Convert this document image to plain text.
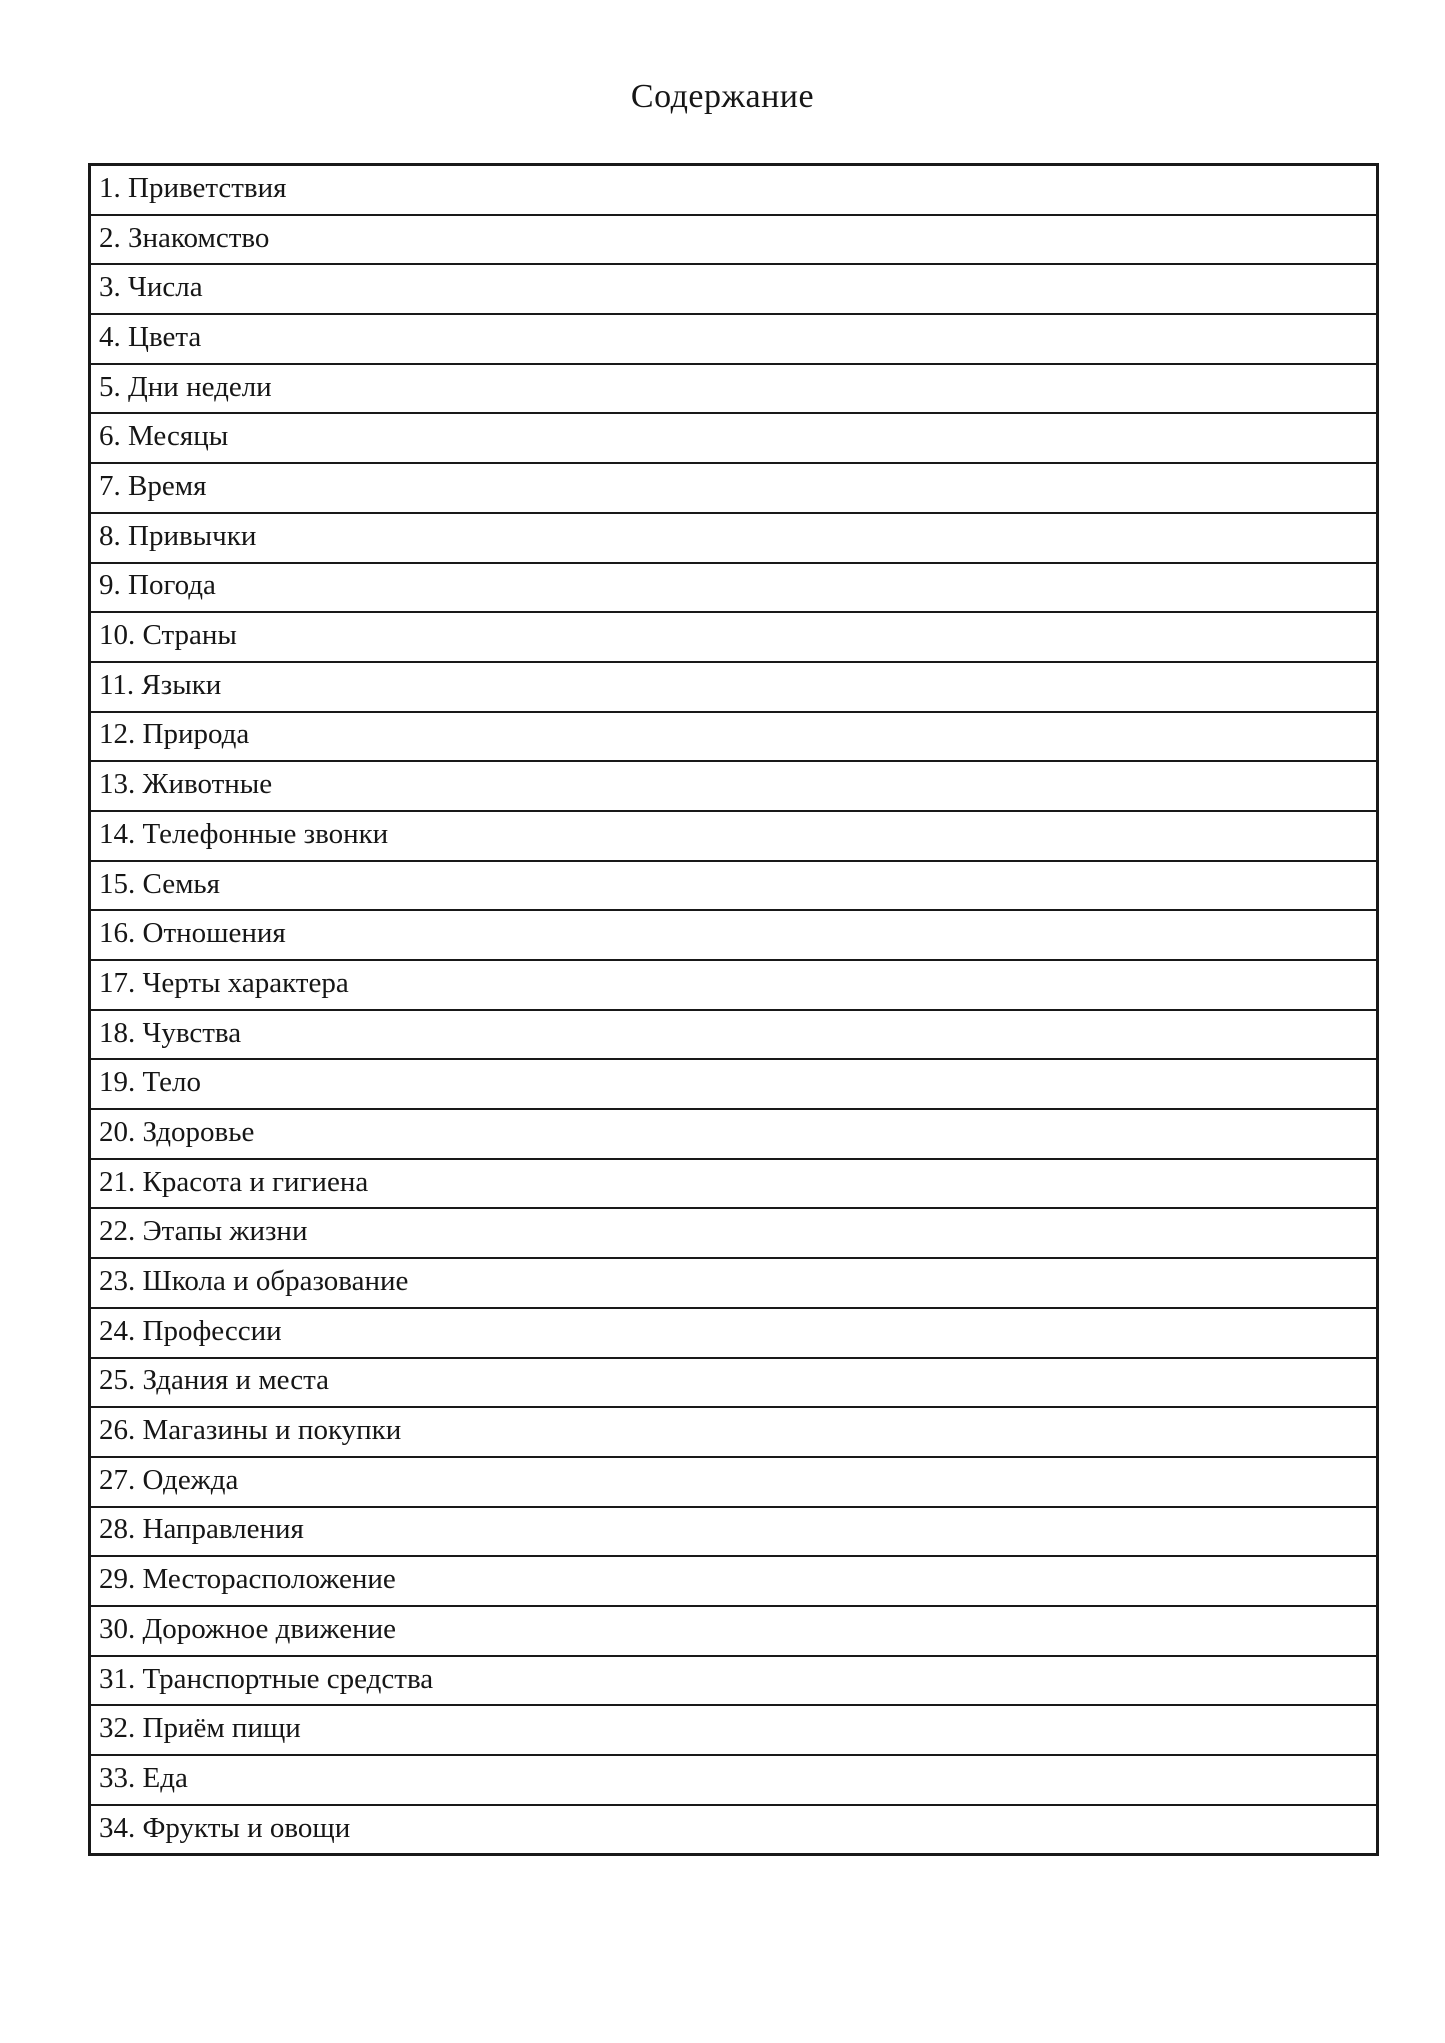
Содержание
1. Приветствия
2. Знакомство
3. Числа
4. Цвета
5. Дни недели
6. Месяцы
7. Время
8. Привычки
9. Погода
10. Страны
11. Языки
12. Природа
13. Животные
14. Телефонные звонки
15. Семья
16. Отношения
17. Черты характера
18. Чувства
19. Тело
20. Здоровье
21. Красота и гигиена
22. Этапы жизни
23. Школа и образование
24. Профессии
25. Здания и места
26. Магазины и покупки
27. Одежда
28. Направления
29. Месторасположение
30. Дорожное движение
31. Транспортные средства
32. Приём пищи
33. Еда
34. Фрукты и овощи
